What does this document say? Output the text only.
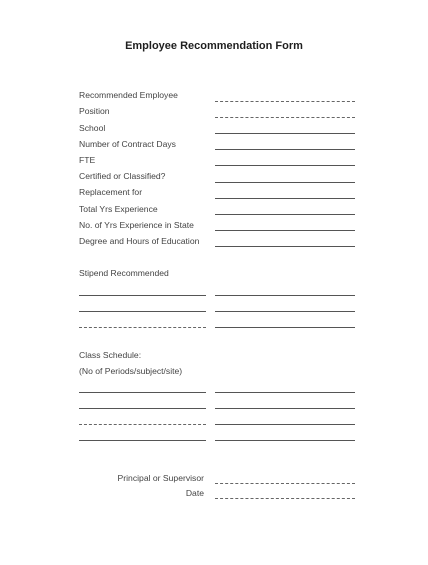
Employee Recommendation Form
Recommended Employee
Position
School
Number of Contract Days
FTE
Certified or Classified?
Replacement for
Total Yrs Experience
No. of Yrs Experience in State
Degree and Hours of Education
Stipend Recommended
Class Schedule:
(No of Periods/subject/site)
Principal or Supervisor
Date
